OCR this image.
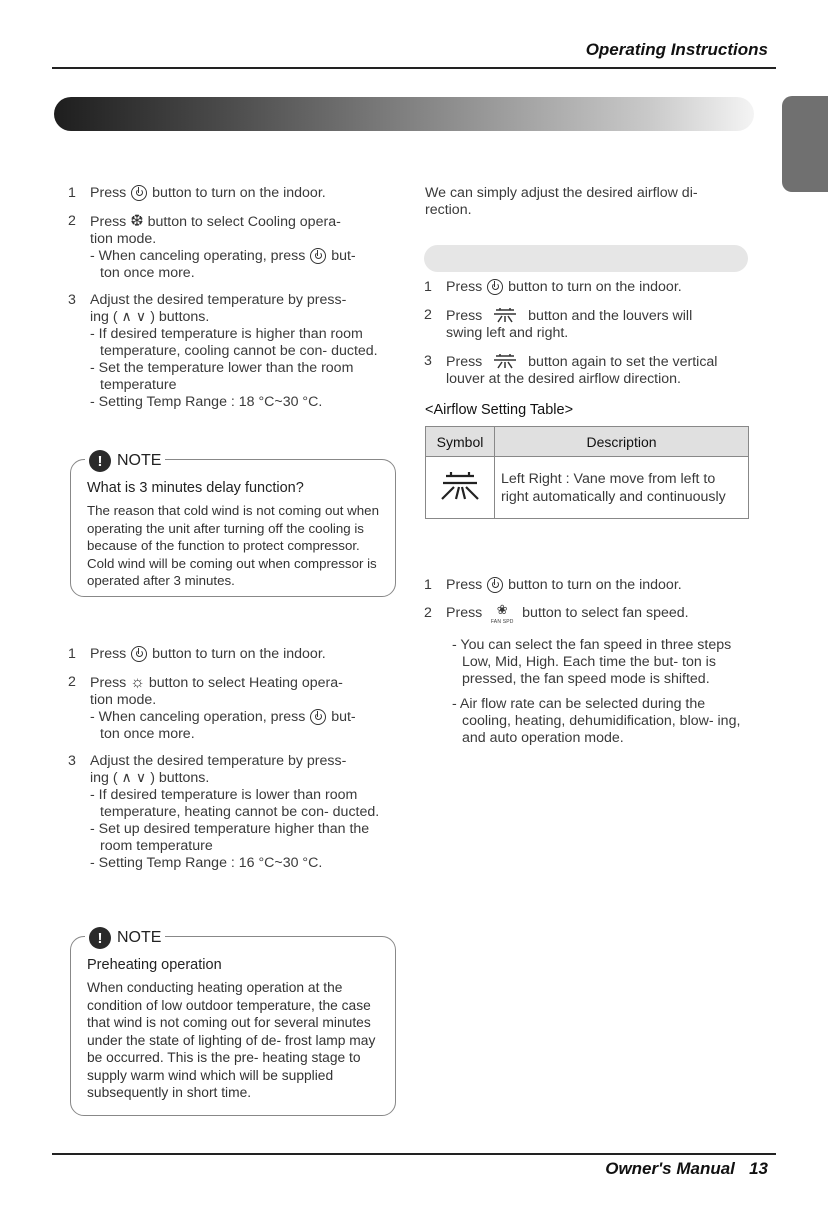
Operating Instructions

1 Press button to turn on the indoor.

2 Press ❆ button to select Cooling opera-
tion mode.

- When canceling operating, press but-
ton once more.

3 Adjust the desired temperature by press-
ing ( ∧ ∨ ) buttons.

- If desired temperature is higher than room temperature, cooling cannot be con- ducted.
- Set the temperature lower than the room temperature
- Setting Temp Range : 18 °C~30 °C.
! NOTE
What is 3 minutes delay function?
The reason that cold wind is not coming out when operating the unit after turning off the cooling is because of the function to protect compressor. Cold wind will be coming out when compressor is operated after 3 minutes.

1 Press button to turn on the indoor.

2 Press ☼ button to select Heating opera-
tion mode.

- When canceling operation, press but-
ton once more.

3 Adjust the desired temperature by press-
ing ( ∧ ∨ ) buttons.

- If desired temperature is lower than room temperature, heating cannot be con- ducted.
- Set up desired temperature higher than the room temperature
- Setting Temp Range : 16 °C~30 °C.
! NOTE
Preheating operation
When conducting heating operation at the condition of low outdoor temperature, the case that wind is not coming out for several minutes under the state of lighting of de- frost lamp may be occurred. This is the pre- heating stage to supply warm wind which will be supplied subsequently in short time.
We can simply adjust the desired airflow di- rection.

1 Press button to turn on the indoor.

2 Press	button and the louvers will
swing left and right.

3 Press	button again to set the vertical
louver at the desired airflow direction.

<Airflow Setting Table>
Symbol	Description
	Left Right : Vane move from left to right automatically and continuously

1 Press button to turn on the indoor.

2 Press ❀
FAN SPD button to select fan speed.

- You can select the fan speed in three steps Low, Mid, High. Each time the but- ton is pressed, the fan speed mode is shifted.
- Air flow rate can be selected during the cooling, heating, dehumidification, blow- ing, and auto operation mode.
Owner's Manual 13
